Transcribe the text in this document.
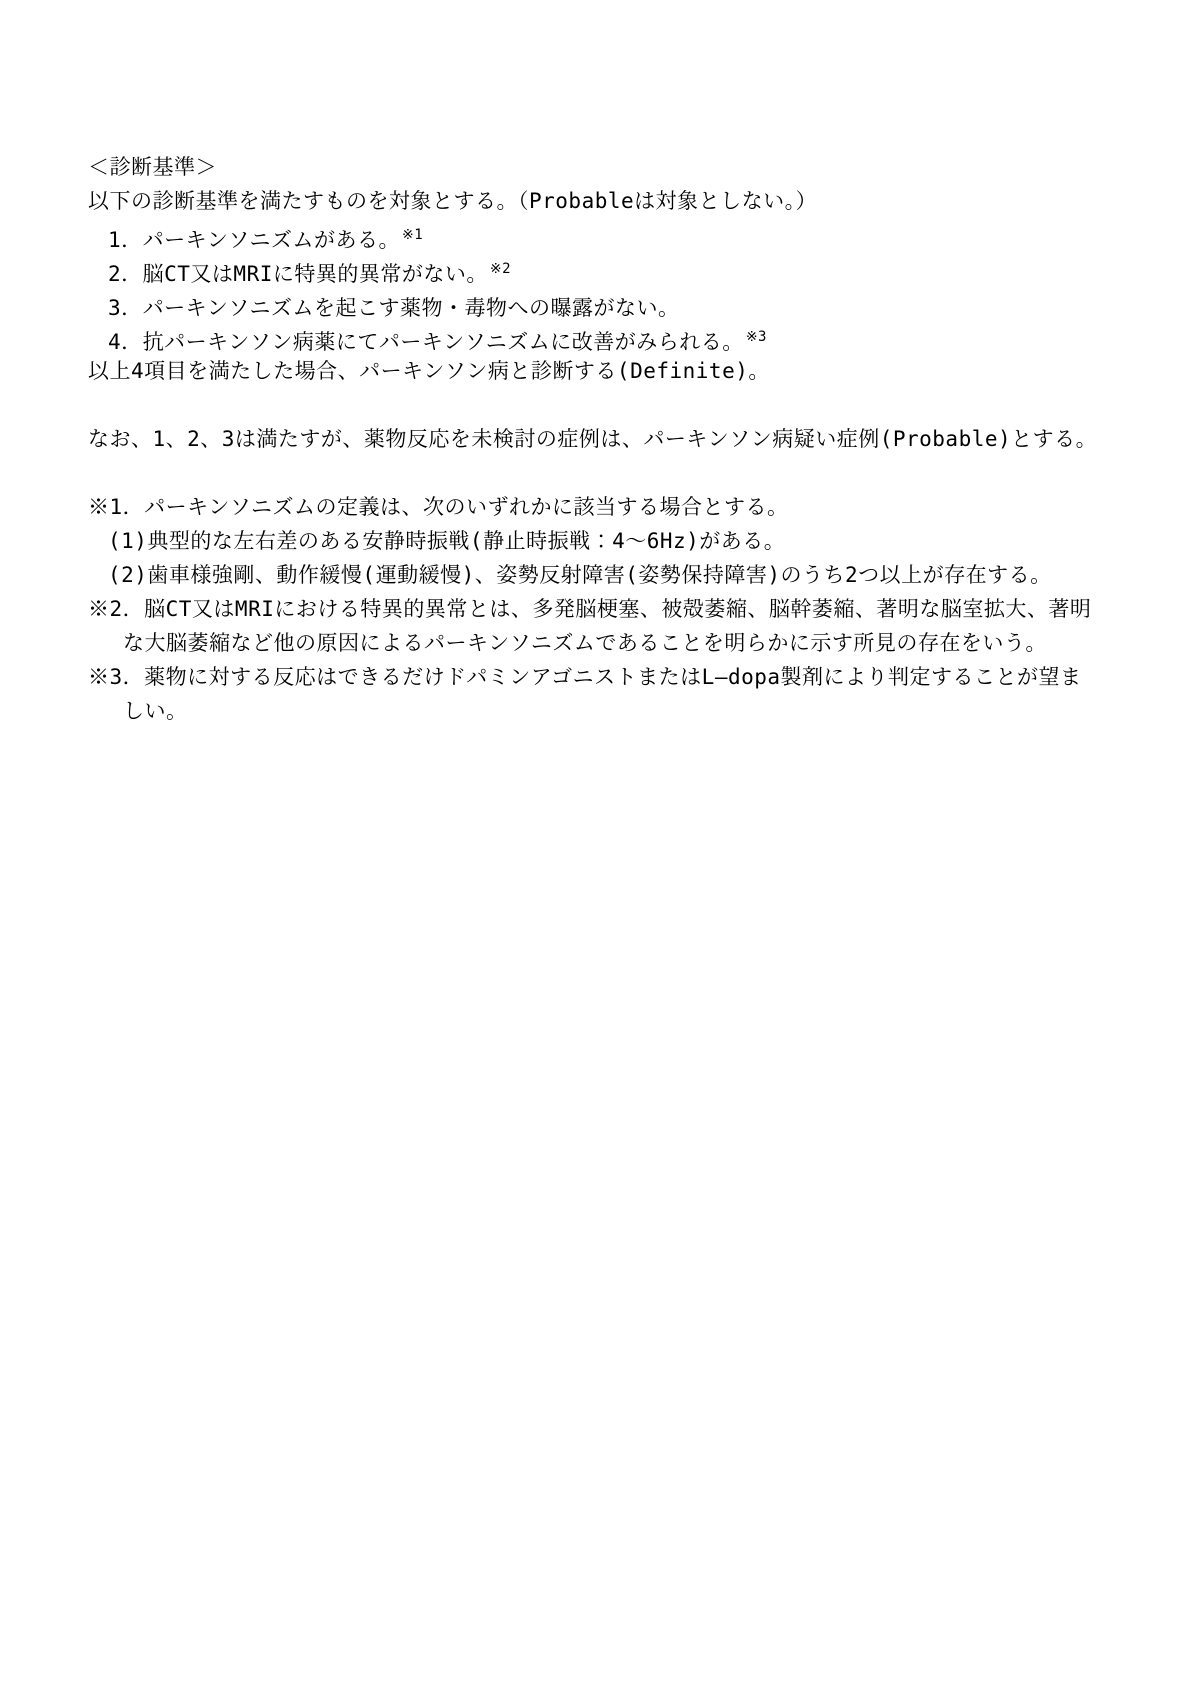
＜診断基準＞
以下の診断基準を満たすものを対象とする。（Probableは対象としない。）
1．パーキンソニズムがある。 $^{※1}$
2．脳CT又はMRIに特異的異常がない。 $^{※2}$
3．パーキンソニズムを起こす薬物・毒物への曝露がない。
4．抗パーキンソン病薬にてパーキンソニズムに改善がみられる。 $^{※3}$
以上4項目を満たした場合、パーキンソン病と診断する(Definite)。
なお、1、2、3は満たすが、薬物反応を未検討の症例は、パーキンソン病疑い症例(Probable)とする。
※1．パーキンソニズムの定義は、次のいずれかに該当する場合とする。
(1)典型的な左右差のある安静時振戦(静止時振戦：4～6Hz)がある。
(2)歯車様強剛、動作緩慢(運動緩慢)、姿勢反射障害(姿勢保持障害)のうち2つ以上が存在する。
※2．脳CT又はMRIにおける特異的異常とは、多発脳梗塞、被殻萎縮、脳幹萎縮、著明な脳室拡大、著明
な大脳萎縮など他の原因によるパーキンソニズムであることを明らかに示す所見の存在をいう。
※3．薬物に対する反応はできるだけドパミンアゴニストまたはL—dopa製剤により判定することが望ま
しい。
